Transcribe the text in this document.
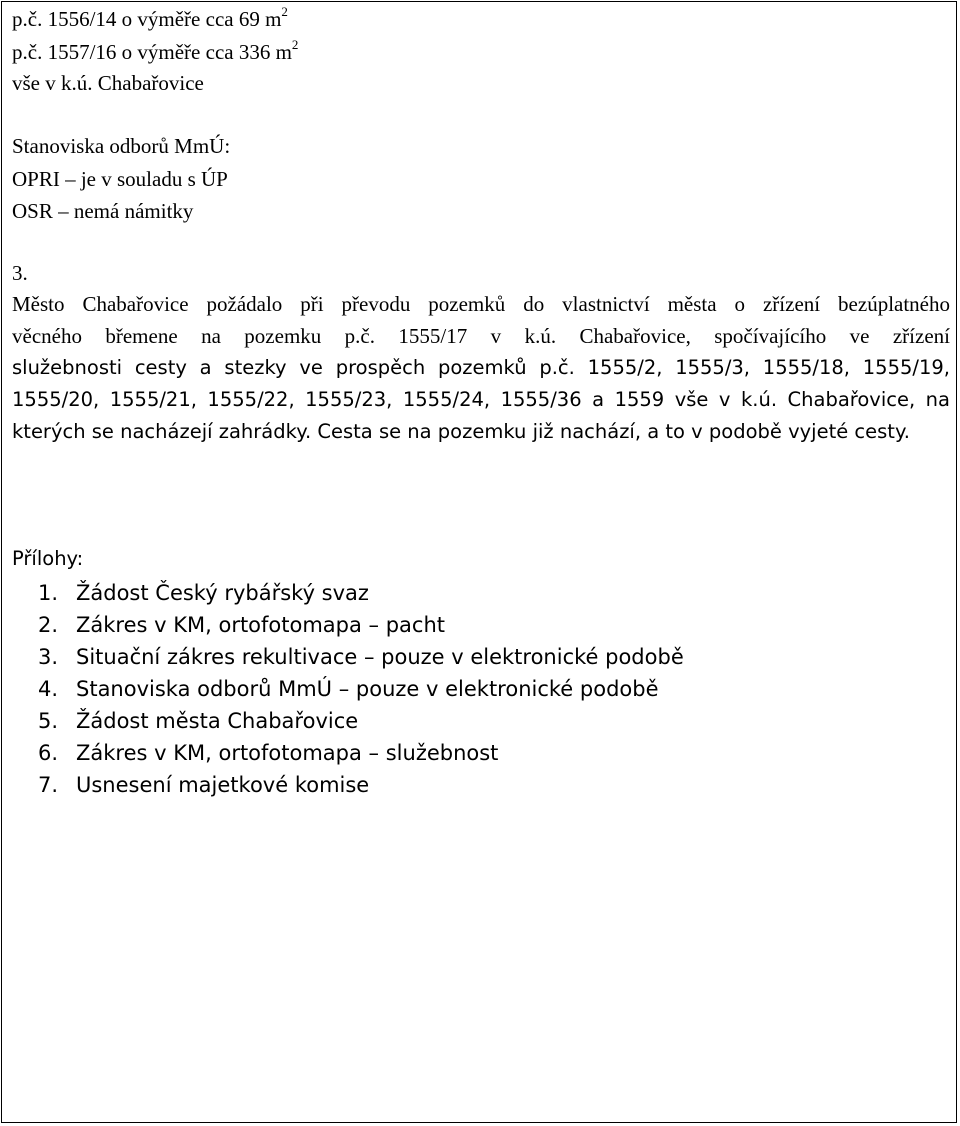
p.č. 1556/14 o výměře cca 69 $m^2$
p.č. 1557/16 o výměře cca 336 $m^2$
vše v k.ú. Chabařovice
Stanoviska odborů MmÚ:
OPRI – je v souladu s ÚP
OSR – nemá námitky
3.
Město Chabařovice požádalo při převodu pozemků do vlastnictví města o zřízení bezúplatného
věcného břemene na pozemku p.č. 1555/17 v k.ú. Chabařovice, spočívajícího ve zřízení
služebnosti cesty a stezky ve prospěch pozemků p.č. 1555/2, 1555/3, 1555/18, 1555/19,
1555/20, 1555/21, 1555/22, 1555/23, 1555/24, 1555/36 a 1559 vše v k.ú. Chabařovice, na
kterých se nacházejí zahrádky. Cesta se na pozemku již nachází, a to v podobě vyjeté cesty.
Přílohy:
1. Žádost Český rybářský svaz
2. Zákres v KM, ortofotomapa – pacht
3. Situační zákres rekultivace – pouze v elektronické podobě
4. Stanoviska odborů MmÚ – pouze v elektronické podobě
5. Žádost města Chabařovice
6. Zákres v KM, ortofotomapa – služebnost
7. Usnesení majetkové komise
